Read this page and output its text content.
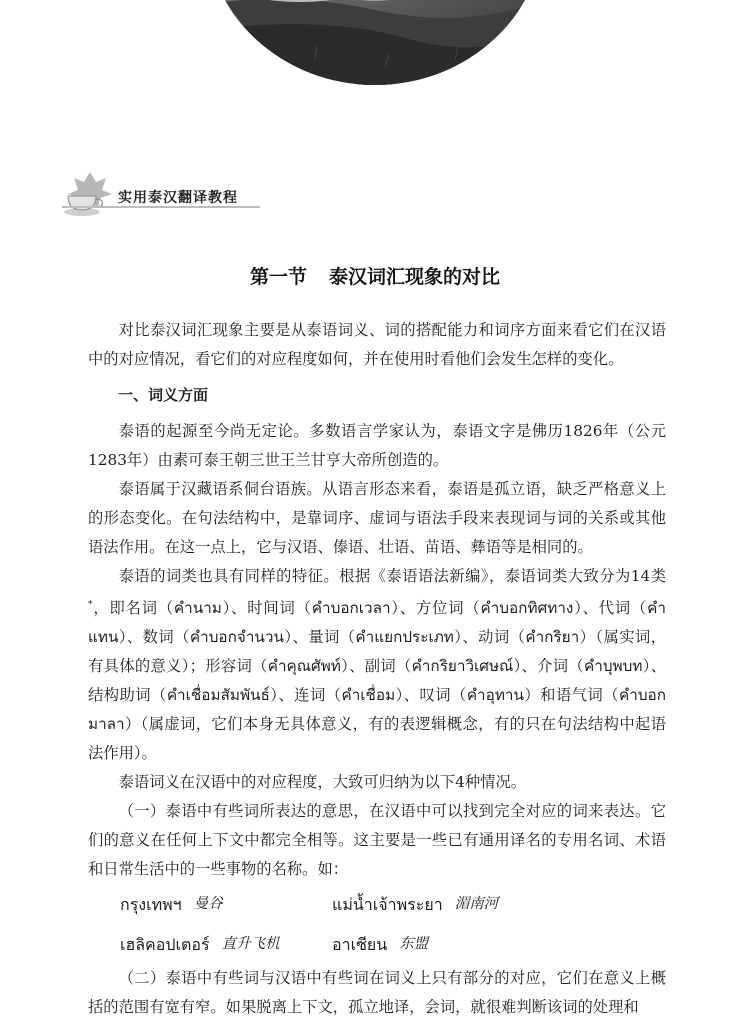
实用泰汉翻译教程
第一节 泰汉词汇现象的对比

对比泰汉词汇现象主要是从泰语词义、词的搭配能力和词序方面来看它们在汉语中的对应情况，看它们的对应程度如何，并在使用时看他们会发生怎样的变化。

一、词义方面

泰语的起源至今尚无定论。多数语言学家认为，泰语文字是佛历1826年（公元1283年）由素可泰王朝三世王兰甘亨大帝所创造的。

泰语属于汉藏语系侗台语族。从语言形态来看，泰语是孤立语，缺乏严格意义上的形态变化。在句法结构中，是靠词序、虚词与语法手段来表现词与词的关系或其他语法作用。在这一点上，它与汉语、傣语、壮语、苗语、彝语等是相同的。

泰语的词类也具有同样的特征。根据《泰语语法新编》，泰语词类大致分为14类*，即名词（คำนาม）、时间词（คำบอกเวลา）、方位词（คำบอกทิศทาง）、代词（คำแทน）、数词（คำบอกจำนวน）、量词（คำแยกประเภท）、动词（คำกริยา）（属实词，有具体的意义）；形容词（คำคุณศัพท์）、副词（คำกริยาวิเศษณ์）、介词（คำบุพบท）、结构助词（คำเชื่อมสัมพันธ์）、连词（คำเชื่อม）、叹词（คำอุทาน）和语气词（คำบอกมาลา）（属虚词，它们本身无具体意义，有的表逻辑概念，有的只在句法结构中起语法作用）。

泰语词义在汉语中的对应程度，大致可归纳为以下4种情况。

（一）泰语中有些词所表达的意思，在汉语中可以找到完全对应的词来表达。它们的意义在任何上下文中都完全相等。这主要是一些已有通用译名的专用名词、术语和日常生活中的一些事物的名称。如：

กรุงเทพฯ 曼谷	แม่น้ำเจ้าพระยา 湄南河
เฮลิคอปเตอร์ 直升飞机	อาเซียน 东盟

（二）泰语中有些词与汉语中有些词在词义上只有部分的对应，它们在意义上概括的范围有宽有窄。如果脱离上下文，孤立地译，会词，就很难判断该词的处理和
